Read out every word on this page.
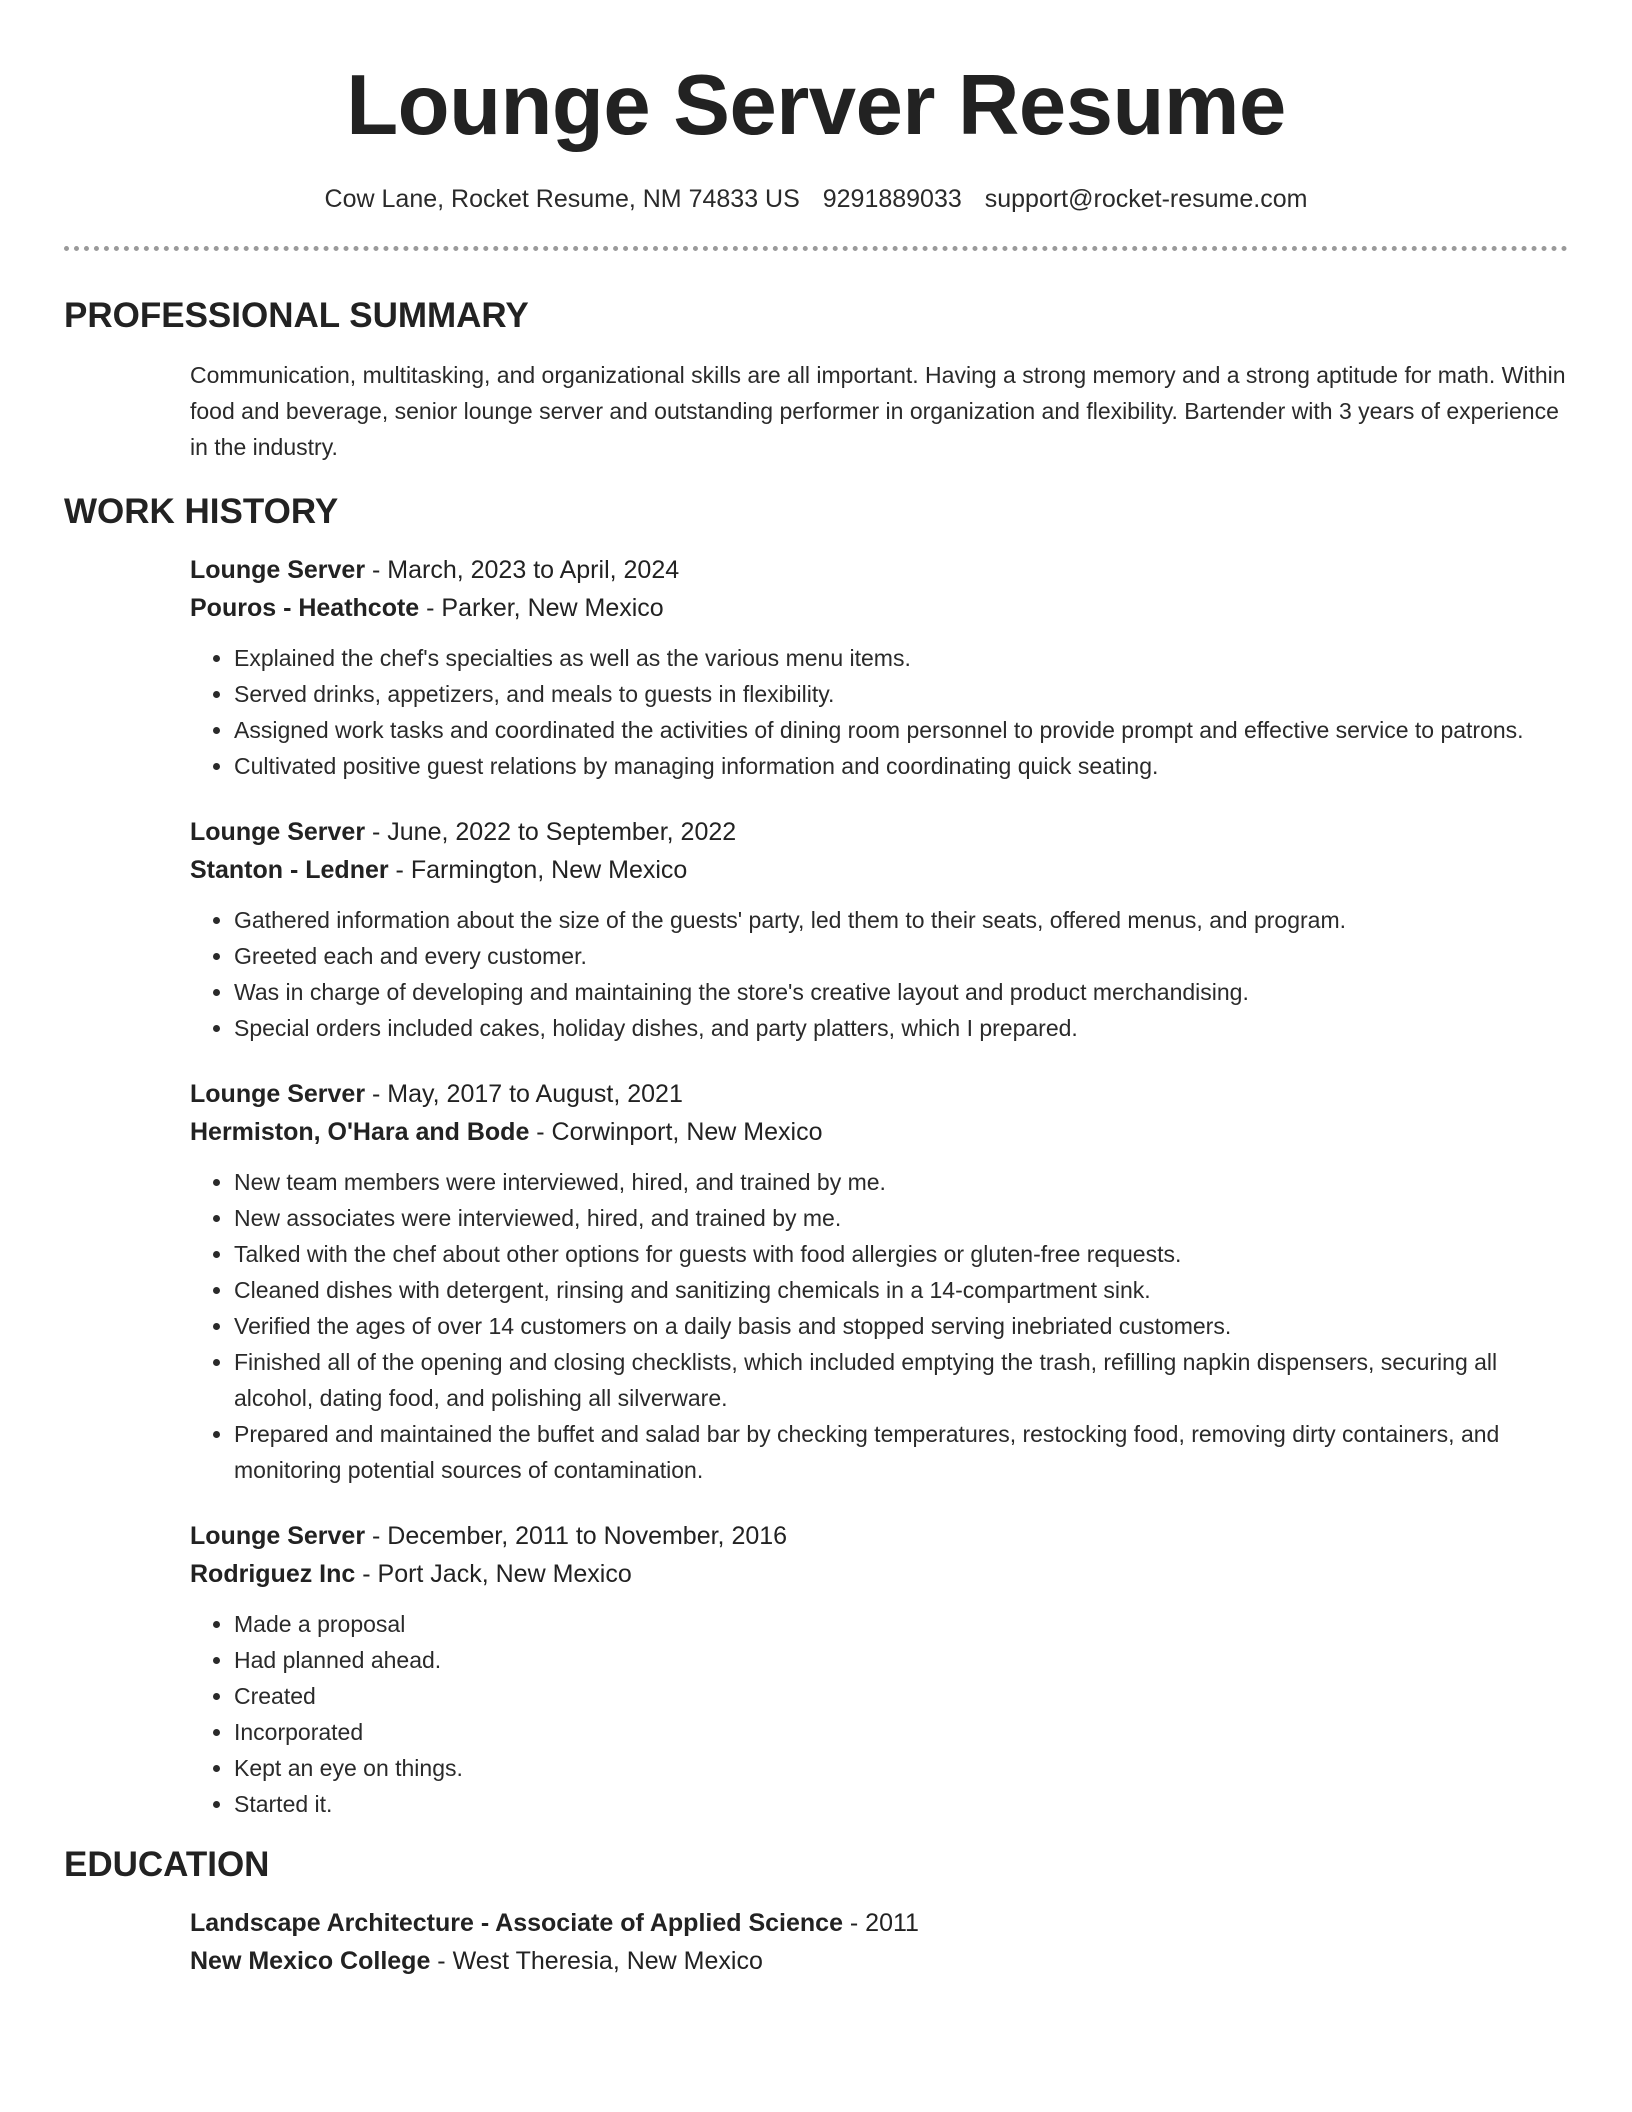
Lounge Server Resume
Cow Lane, Rocket Resume, NM 74833 US 9291889033 support@rocket-resume.com
PROFESSIONAL SUMMARY

Communication, multitasking, and organizational skills are all important. Having a strong memory and a strong aptitude for math. Within food and beverage, senior lounge server and outstanding performer in organization and flexibility. Bartender with 3 years of experience in the industry.

WORK HISTORY
Lounge Server - March, 2023 to April, 2024
Pouros - Heathcote - Parker, New Mexico
• Explained the chef's specialties as well as the various menu items.
• Served drinks, appetizers, and meals to guests in flexibility.
• Assigned work tasks and coordinated the activities of dining room personnel to provide prompt and effective service to patrons.
• Cultivated positive guest relations by managing information and coordinating quick seating.
Lounge Server - June, 2022 to September, 2022
Stanton - Ledner - Farmington, New Mexico
• Gathered information about the size of the guests' party, led them to their seats, offered menus, and program.
• Greeted each and every customer.
• Was in charge of developing and maintaining the store's creative layout and product merchandising.
• Special orders included cakes, holiday dishes, and party platters, which I prepared.
Lounge Server - May, 2017 to August, 2021
Hermiston, O'Hara and Bode - Corwinport, New Mexico
• New team members were interviewed, hired, and trained by me.
• New associates were interviewed, hired, and trained by me.
• Talked with the chef about other options for guests with food allergies or gluten-free requests.
• Cleaned dishes with detergent, rinsing and sanitizing chemicals in a 14-compartment sink.
• Verified the ages of over 14 customers on a daily basis and stopped serving inebriated customers.
• Finished all of the opening and closing checklists, which included emptying the trash, refilling napkin dispensers, securing all alcohol, dating food, and polishing all silverware.
• Prepared and maintained the buffet and salad bar by checking temperatures, restocking food, removing dirty containers, and monitoring potential sources of contamination.
Lounge Server - December, 2011 to November, 2016
Rodriguez Inc - Port Jack, New Mexico
• Made a proposal
• Had planned ahead.
• Created
• Incorporated
• Kept an eye on things.
• Started it.
EDUCATION
Landscape Architecture - Associate of Applied Science - 2011
New Mexico College - West Theresia, New Mexico
